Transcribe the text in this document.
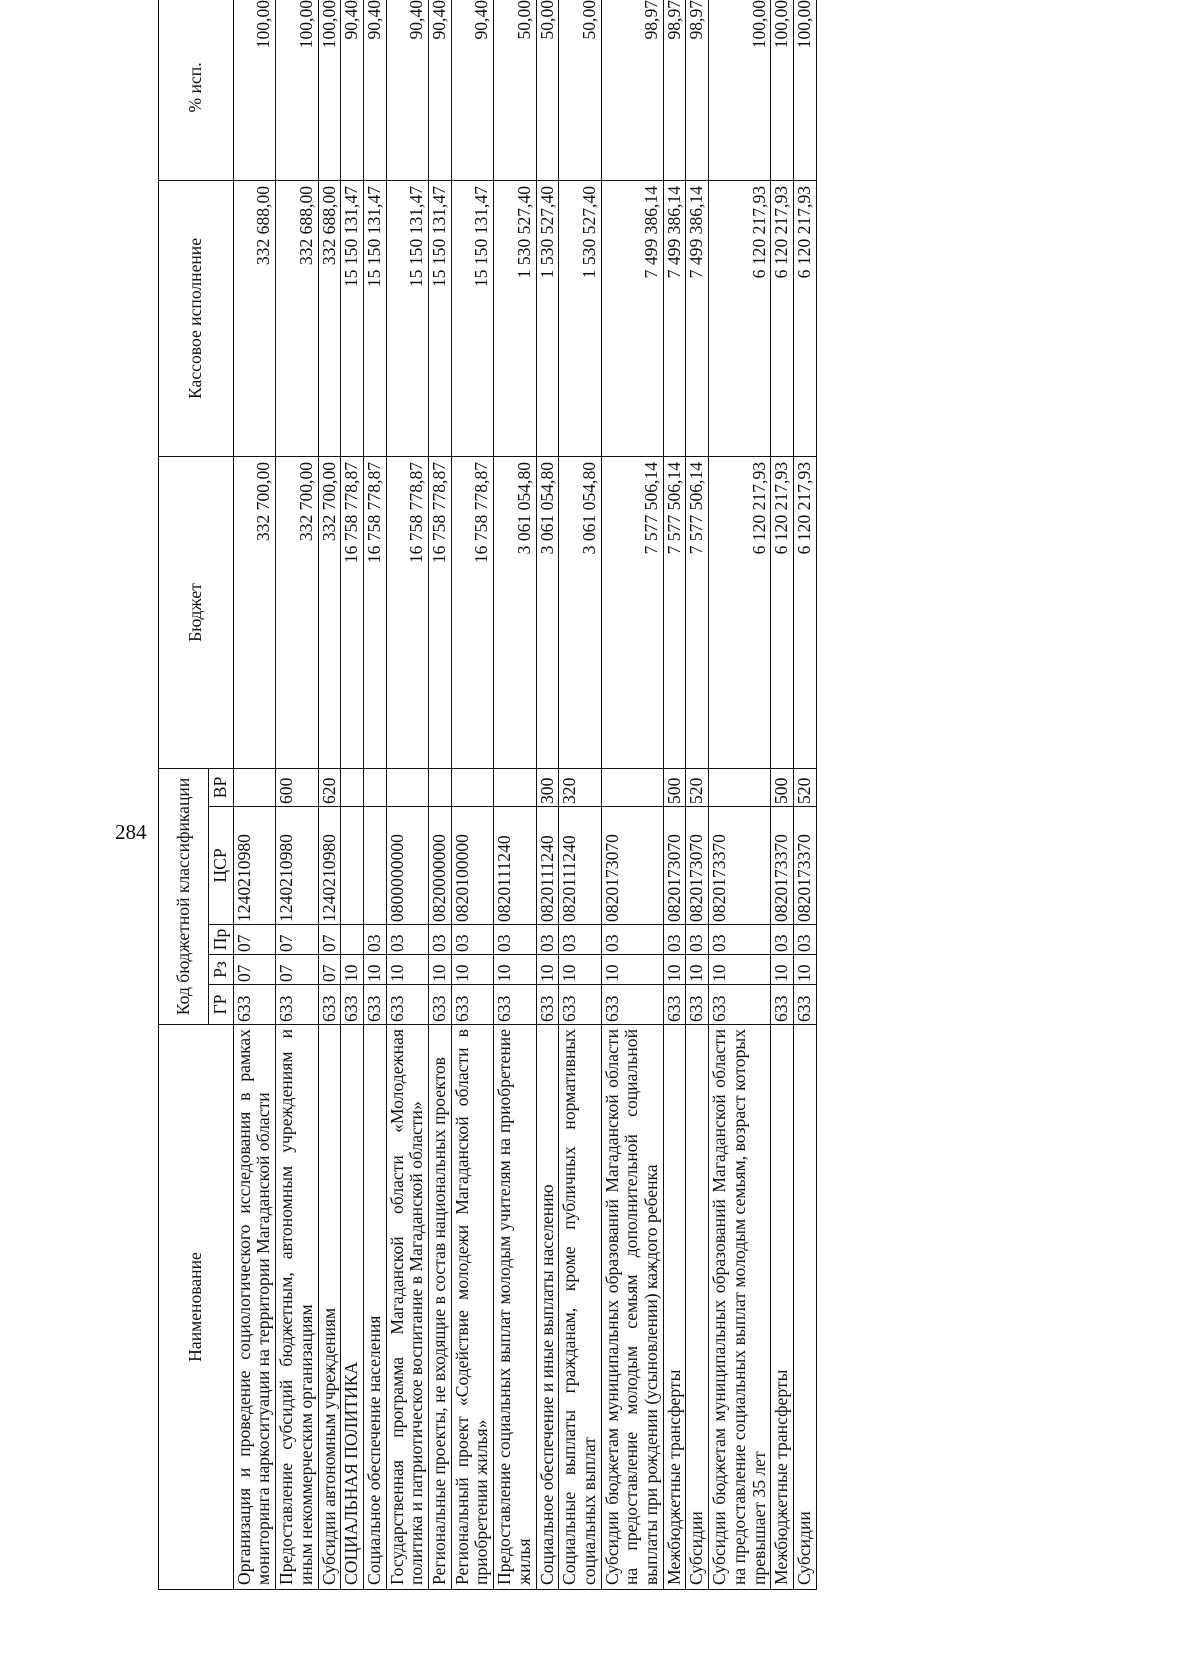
284
Наименование	Код бюджетной классификации					Бюджет	Кассовое исполнение	% исп.
	ГР	Рз	Пр	ЦСР	ВР			
Организация и проведение социологического исследования в рамках мониторинга наркоситуации на территории Магаданской области	633	07	07	1240210980		332 700,00	332 688,00	100,00
Предоставление субсидий бюджетным, автономным учреждениям и иным некоммерческим организациям	633	07	07	1240210980	600	332 700,00	332 688,00	100,00
Субсидии автономным учреждениям	633	07	07	1240210980	620	332 700,00	332 688,00	100,00
СОЦИАЛЬНАЯ ПОЛИТИКА	633	10				16 758 778,87	15 150 131,47	90,40
Социальное обеспечение населения	633	10	03			16 758 778,87	15 150 131,47	90,40
Государственная программа Магаданской области «Молодежная политика и патриотическое воспитание в Магаданской области»	633	10	03	0800000000		16 758 778,87	15 150 131,47	90,40
Региональные проекты, не входящие в состав национальных проектов	633	10	03	0820000000		16 758 778,87	15 150 131,47	90,40
Региональный проект «Содействие молодежи Магаданской области в приобретении жилья»	633	10	03	0820100000		16 758 778,87	15 150 131,47	90,40
Предоставление социальных выплат молодым учителям на приобретение жилья	633	10	03	0820111240		3 061 054,80	1 530 527,40	50,00
Социальное обеспечение и иные выплаты населению	633	10	03	0820111240	300	3 061 054,80	1 530 527,40	50,00
Социальные выплаты гражданам, кроме публичных нормативных социальных выплат	633	10	03	0820111240	320	3 061 054,80	1 530 527,40	50,00
Субсидии бюджетам муниципальных образований Магаданской области на предоставление молодым семьям дополнительной социальной выплаты при рождении (усыновлении) каждого ребенка	633	10	03	0820173070		7 577 506,14	7 499 386,14	98,97
Межбюджетные трансферты	633	10	03	0820173070	500	7 577 506,14	7 499 386,14	98,97
Субсидии	633	10	03	0820173070	520	7 577 506,14	7 499 386,14	98,97
Субсидии бюджетам муниципальных образований Магаданской области на предоставление социальных выплат молодым семьям, возраст которых превышает 35 лет	633	10	03	0820173370		6 120 217,93	6 120 217,93	100,00
Межбюджетные трансферты	633	10	03	0820173370	500	6 120 217,93	6 120 217,93	100,00
Субсидии	633	10	03	0820173370	520	6 120 217,93	6 120 217,93	100,00
